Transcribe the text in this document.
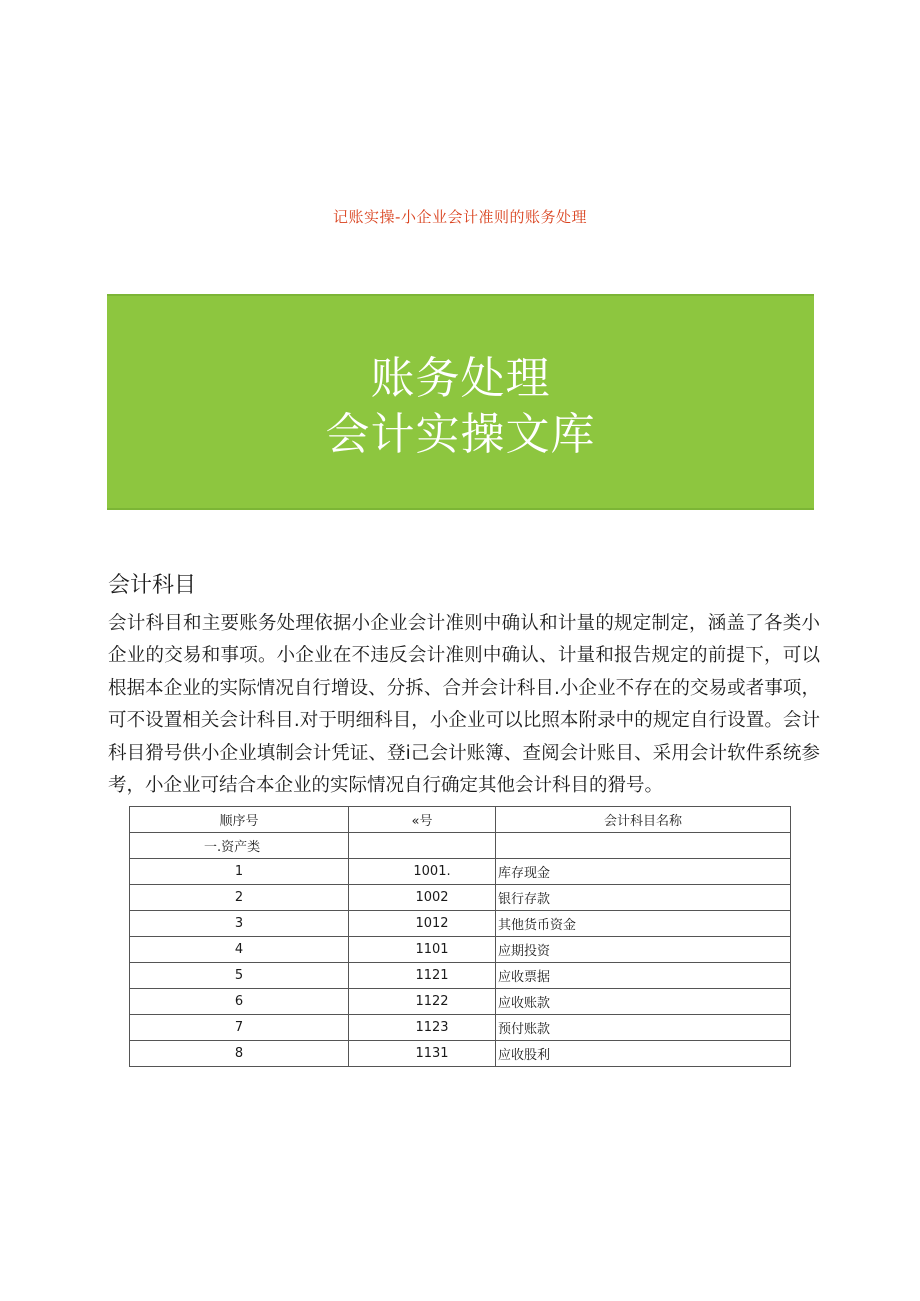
记账实操-小企业会计准则的账务处理
账务处理
会计实操文库
会计科目
会计科目和主要账务处理依据小企业会计准则中确认和计量的规定制定，涵盖了各类小企业的交易和事项。小企业在不违反会计准则中确认、计量和报告规定的前提下，可以根据本企业的实际情况自行增设、分拆、合并会计科目.小企业不存在的交易或者事项，可不设置相关会计科目.对于明细科目，小企业可以比照本附录中的规定自行设置。会计科目猾号供小企业填制会计凭证、登i己会计账簿、查阅会计账目、采用会计软件系统参考，小企业可结合本企业的实际情况自行确定其他会计科目的猾号。
顺序号	«号	会计科目名称
一.资产类		
1	1001.	库存现金
2	1002	银行存款
3	1012	其他货币资金
4	1101	应期投资
5	1121	应收票据
6	1122	应收账款
7	1123	预付账款
8	1131	应收股利
